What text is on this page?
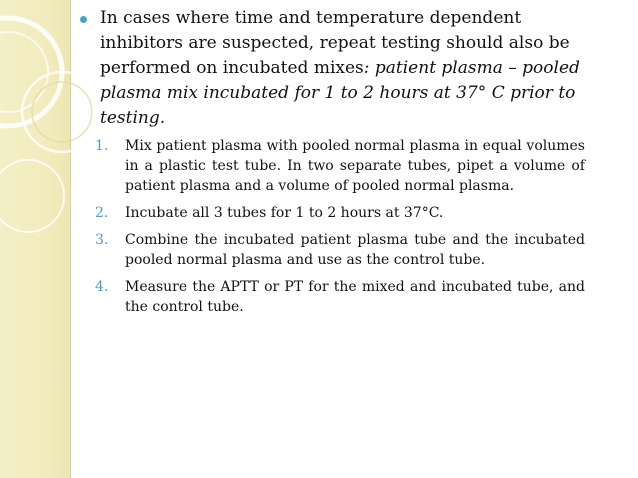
In cases where time and temperature dependent inhibitors are suspected, repeat testing should also be performed on incubated mixes: patient plasma – pooled plasma mix incubated for 1 to 2 hours at 37° C prior to testing.
1.	Mix patient plasma with pooled normal plasma in equal volumes in a plastic test tube. In two separate tubes, pipet a volume of patient plasma and a volume of pooled normal plasma.
2.	Incubate all 3 tubes for 1 to 2 hours at 37°C.
3.	Combine the incubated patient plasma tube and the incubated pooled normal plasma and use as the control tube.
4.	Measure the APTT or PT for the mixed and incubated tube, and the control tube.
